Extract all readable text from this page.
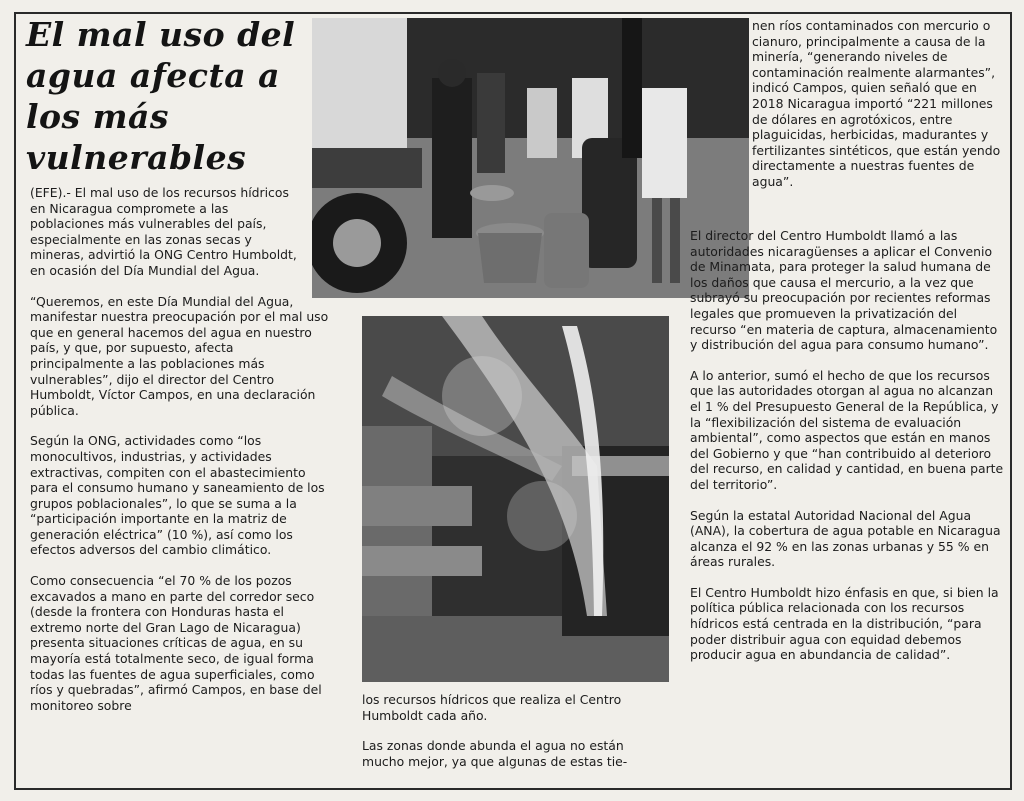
El mal uso del agua afecta a los más vulnerables

(EFE).- El mal uso de los recursos hídricos en Nicaragua compromete a las poblaciones más vulnerables del país, especialmente en las zonas secas y mineras, advirtió la ONG Centro Humboldt, en ocasión del Día Mundial del Agua.

“Queremos, en este Día Mundial del Agua, manifestar nuestra preocupación por el mal uso que en general hacemos del agua en nuestro país, y que, por supuesto, afecta principalmente a las poblaciones más vulnerables”, dijo el director del Centro Humboldt, Víctor Campos, en una declaración pública.

Según la ONG, actividades como “los monocultivos, industrias, y actividades extractivas, compiten con el abastecimiento para el consumo humano y saneamiento de los grupos poblacionales”, lo que se suma a la “participación importante en la matriz de generación eléctrica” (10 %), así como los efectos adversos del cambio climático.

Como consecuencia “el 70 % de los pozos excavados a mano en parte del corredor seco (desde la frontera con Honduras hasta el extremo norte del Gran Lago de Nicaragua) presenta situaciones críticas de agua, en su mayoría está totalmente seco, de igual forma todas las fuentes de agua superficiales, como ríos y quebradas”, afirmó Campos, en base del monitoreo sobre	los recursos hídricos que realiza el Centro Humboldt cada año.

Las zonas donde abunda el agua no están mucho mejor, ya que algunas de estas tie-

nen ríos contaminados con mercurio o cianuro, principalmente a causa de la minería, “generando niveles de contaminación realmente alarmantes”, indicó Campos, quien señaló que en 2018 Nicaragua importó “221 millones de dólares en agrotóxicos, entre plaguicidas, herbicidas, madurantes y fertilizantes sintéticos, que están yendo directamente a nuestras fuentes de agua”.

El director del Centro Humboldt llamó a las autoridades nicaragüenses a aplicar el Convenio de Minamata, para proteger la salud humana de los daños que causa el mercurio, a la vez que subrayó su preocupación por recientes reformas legales que promueven la privatización del recurso “en materia de captura, almacenamiento y distribución del agua para consumo humano”.

A lo anterior, sumó el hecho de que los recursos que las autoridades otorgan al agua no alcanzan el 1 % del Presupuesto General de la República, y la “flexibilización del sistema de evaluación ambiental”, como aspectos que están en manos del Gobierno y que “han contribuido al deterioro del recurso, en calidad y cantidad, en buena parte del territorio”.

Según la estatal Autoridad Nacional del Agua (ANA), la cobertura de agua potable en Nicaragua alcanza el 92 % en las zonas urbanas y 55 % en áreas rurales.

El Centro Humboldt hizo énfasis en que, si bien la política pública relacionada con los recursos hídricos está centrada en la distribución, “para poder distribuir agua con equidad debemos producir agua en abundancia de calidad”.
